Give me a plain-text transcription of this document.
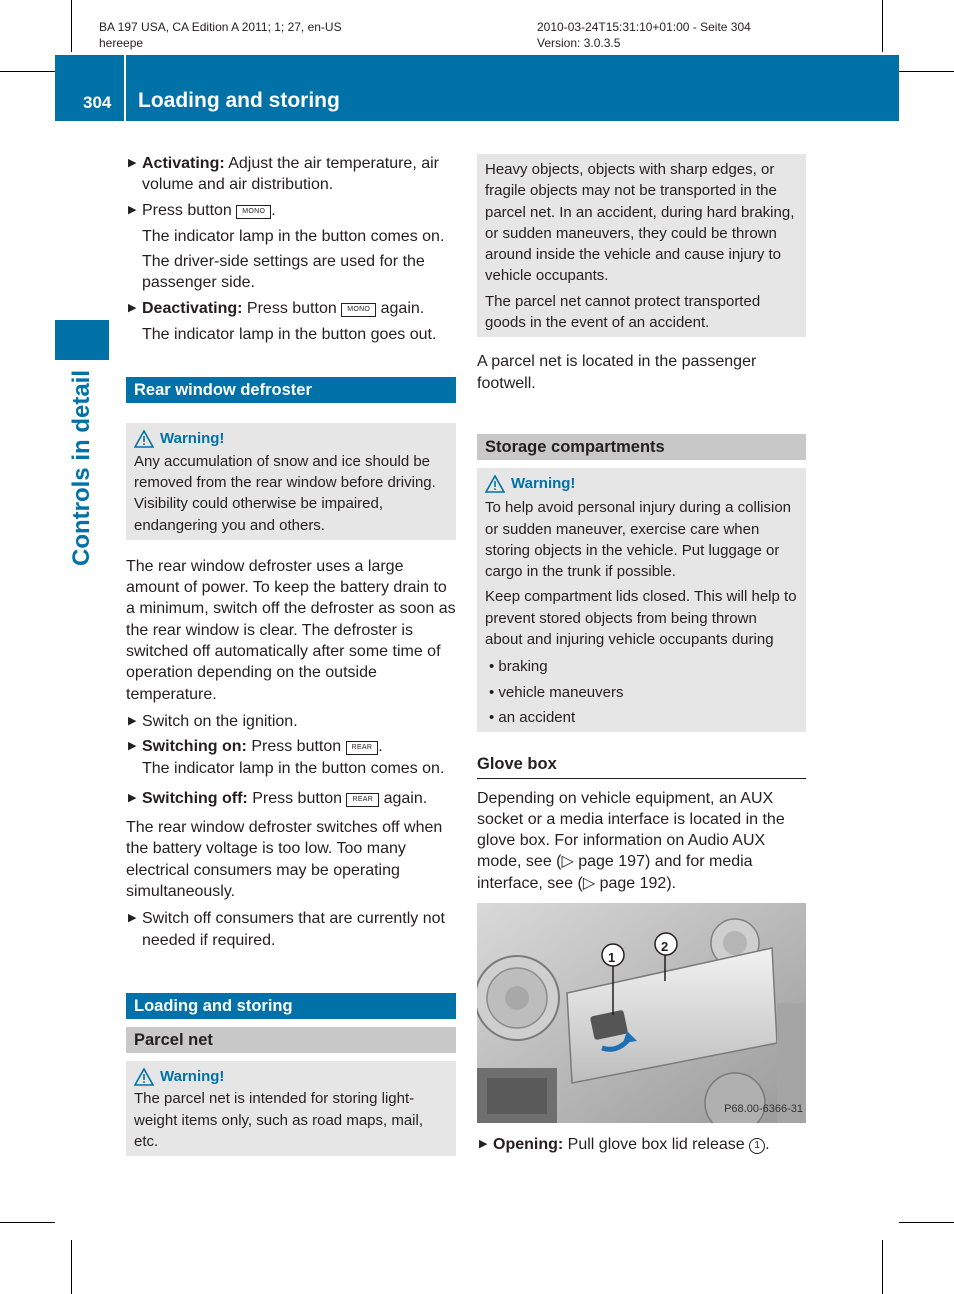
BA 197 USA, CA Edition A 2011; 1; 27, en-US
hereepe
2010-03-24T15:31:10+01:00 - Seite 304
Version: 3.0.3.5
304 Loading and storing
Controls in detail

▶ Activating: Adjust the air temperature, air volume and air distribution.

▶ Press button MONO .

The indicator lamp in the button comes on.

The driver-side settings are used for the passenger side.

▶ Deactivating: Press button MONO again.

The indicator lamp in the button goes out.

Rear window defroster
Warning!

Any accumulation of snow and ice should be removed from the rear window before driving. Visibility could otherwise be impaired, endangering you and others.

The rear window defroster uses a large amount of power. To keep the battery drain to a minimum, switch off the defroster as soon as the rear window is clear. The defroster is switched off automatically after some time of operation depending on the outside temperature.

▶ Switch on the ignition.

▶ Switching on: Press button REAR .

The indicator lamp in the button comes on.

▶ Switching off: Press button REAR again.

The rear window defroster switches off when the battery voltage is too low. Too many electrical consumers may be operating simultaneously.

▶ Switch off consumers that are currently not needed if required.

Loading and storing
Parcel net
Warning!

The parcel net is intended for storing light-weight items only, such as road maps, mail, etc.

Heavy objects, objects with sharp edges, or fragile objects may not be transported in the parcel net. In an accident, during hard braking, or sudden maneuvers, they could be thrown around inside the vehicle and cause injury to vehicle occupants.

The parcel net cannot protect transported goods in the event of an accident.

A parcel net is located in the passenger footwell.

Storage compartments
Warning!

To help avoid personal injury during a collision or sudden maneuver, exercise care when storing objects in the vehicle. Put luggage or cargo in the trunk if possible.

Keep compartment lids closed. This will help to prevent stored objects from being thrown about and injuring vehicle occupants during

• braking

• vehicle maneuvers

• an accident

Glove box

Depending on vehicle equipment, an AUX socket or a media interface is located in the glove box. For information on Audio AUX mode, see (▷ page 197) and for media interface, see (▷ page 192).

1
2
P68.00-6366-31

▶ Opening: Pull glove box lid release 1 .
